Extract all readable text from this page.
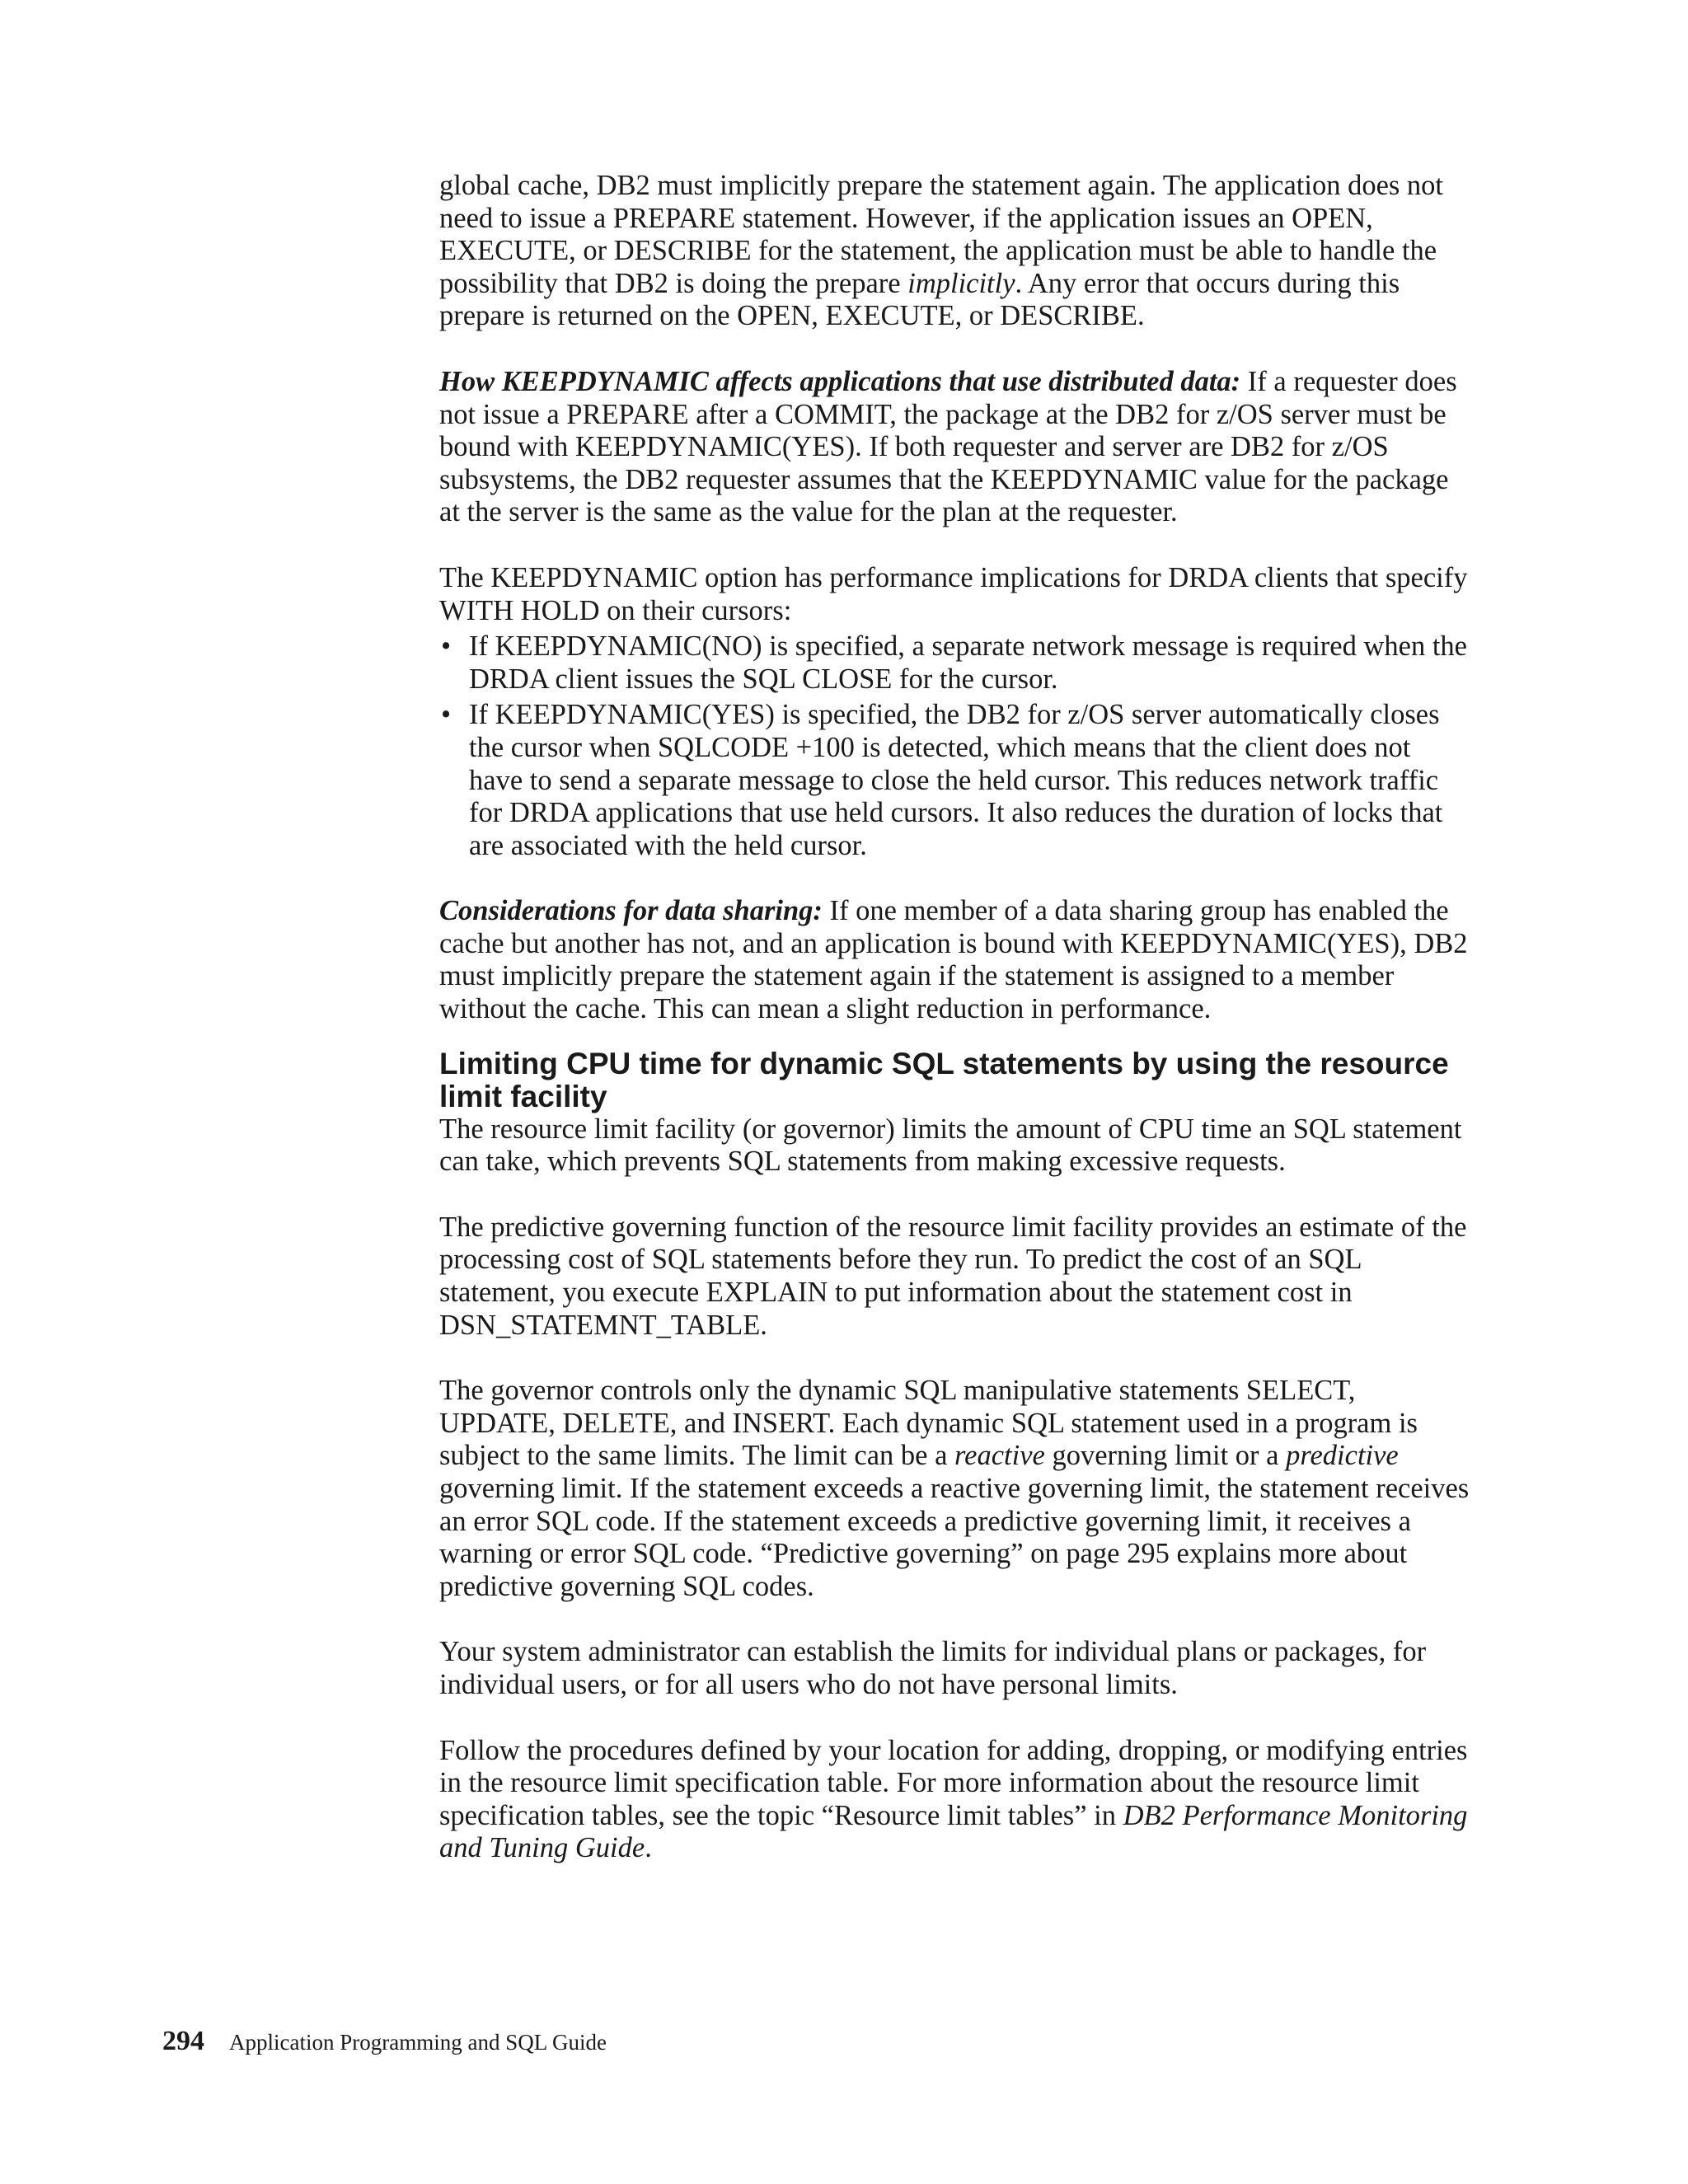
global cache, DB2 must implicitly prepare the statement again. The application does not need to issue a PREPARE statement. However, if the application issues an OPEN, EXECUTE, or DESCRIBE for the statement, the application must be able to handle the possibility that DB2 is doing the prepare implicitly. Any error that occurs during this prepare is returned on the OPEN, EXECUTE, or DESCRIBE.

How KEEPDYNAMIC affects applications that use distributed data: If a requester does not issue a PREPARE after a COMMIT, the package at the DB2 for z/OS server must be bound with KEEPDYNAMIC(YES). If both requester and server are DB2 for z/OS subsystems, the DB2 requester assumes that the KEEPDYNAMIC value for the package at the server is the same as the value for the plan at the requester.

The KEEPDYNAMIC option has performance implications for DRDA clients that specify WITH HOLD on their cursors:

• If KEEPDYNAMIC(NO) is specified, a separate network message is required when the DRDA client issues the SQL CLOSE for the cursor.
• If KEEPDYNAMIC(YES) is specified, the DB2 for z/OS server automatically closes the cursor when SQLCODE +100 is detected, which means that the client does not have to send a separate message to close the held cursor. This reduces network traffic for DRDA applications that use held cursors. It also reduces the duration of locks that are associated with the held cursor.

Considerations for data sharing: If one member of a data sharing group has enabled the cache but another has not, and an application is bound with KEEPDYNAMIC(YES), DB2 must implicitly prepare the statement again if the statement is assigned to a member without the cache. This can mean a slight reduction in performance.

Limiting CPU time for dynamic SQL statements by using the resource limit facility

The resource limit facility (or governor) limits the amount of CPU time an SQL statement can take, which prevents SQL statements from making excessive requests.

The predictive governing function of the resource limit facility provides an estimate of the processing cost of SQL statements before they run. To predict the cost of an SQL statement, you execute EXPLAIN to put information about the statement cost in DSN_STATEMNT_TABLE.

The governor controls only the dynamic SQL manipulative statements SELECT, UPDATE, DELETE, and INSERT. Each dynamic SQL statement used in a program is subject to the same limits. The limit can be a reactive governing limit or a predictive governing limit. If the statement exceeds a reactive governing limit, the statement receives an error SQL code. If the statement exceeds a predictive governing limit, it receives a warning or error SQL code. “Predictive governing” on page 295 explains more about predictive governing SQL codes.

Your system administrator can establish the limits for individual plans or packages, for individual users, or for all users who do not have personal limits.

Follow the procedures defined by your location for adding, dropping, or modifying entries in the resource limit specification table. For more information about the resource limit specification tables, see the topic “Resource limit tables” in DB2 Performance Monitoring and Tuning Guide.

294 Application Programming and SQL Guide
